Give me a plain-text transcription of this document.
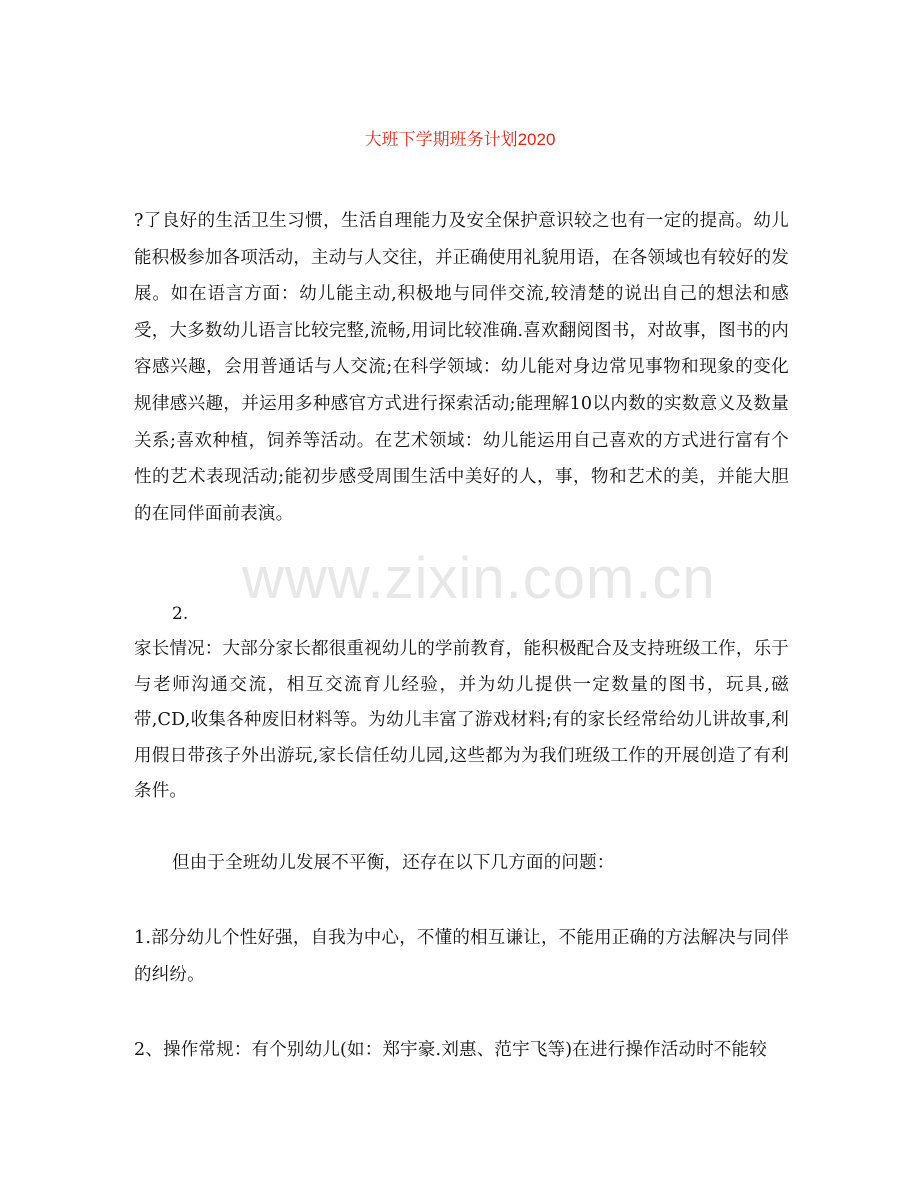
大班下学期班务计划2020
?了良好的生活卫生习惯，生活自理能力及安全保护意识较之也有一定的提高。幼儿能积极参加各项活动，主动与人交往，并正确使用礼貌用语，在各领域也有较好的发展。如在语言方面：幼儿能主动,积极地与同伴交流,较清楚的说出自己的想法和感受，大多数幼儿语言比较完整,流畅,用词比较准确.喜欢翻阅图书，对故事，图书的内容感兴趣，会用普通话与人交流;在科学领域：幼儿能对身边常见事物和现象的变化规律感兴趣，并运用多种感官方式进行探索活动;能理解10以内数的实数意义及数量关系;喜欢种植，饲养等活动。在艺术领域：幼儿能运用自己喜欢的方式进行富有个性的艺术表现活动;能初步感受周围生活中美好的人，事，物和艺术的美，并能大胆的在同伴面前表演。
2.
家长情况：大部分家长都很重视幼儿的学前教育，能积极配合及支持班级工作，乐于与老师沟通交流，相互交流育儿经验，并为幼儿提供一定数量的图书，玩具,磁带,CD,收集各种废旧材料等。为幼儿丰富了游戏材料;有的家长经常给幼儿讲故事,利用假日带孩子外出游玩,家长信任幼儿园,这些都为为我们班级工作的开展创造了有利条件。
但由于全班幼儿发展不平衡，还存在以下几方面的问题：
1.部分幼儿个性好强，自我为中心，不懂的相互谦让，不能用正确的方法解决与同伴的纠纷。
2、操作常规：有个别幼儿(如：郑宇豪.刘惠、范宇飞等)在进行操作活动时不能较
www.zixin.com.cn
